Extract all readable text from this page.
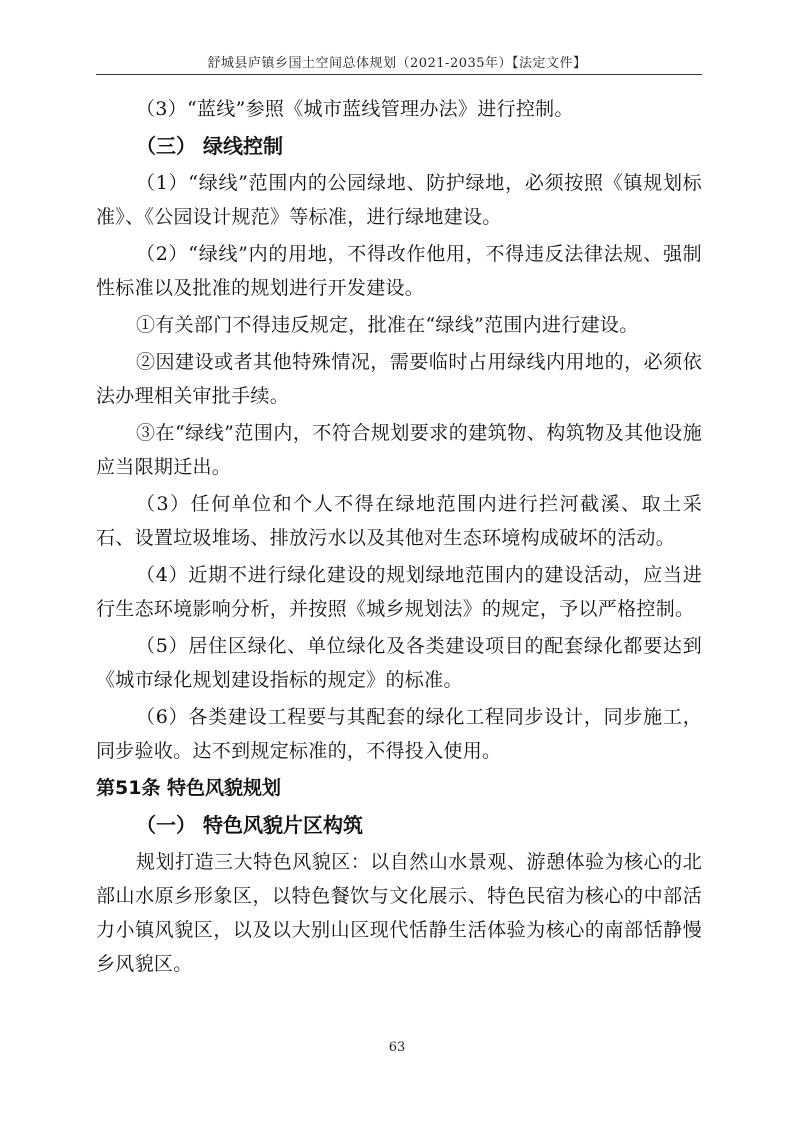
舒城县庐镇乡国土空间总体规划（2021-2035年）【法定文件】

（3）“蓝线”参照《城市蓝线管理办法》进行控制。

（三） 绿线控制

（1）“绿线”范围内的公园绿地、防护绿地，必须按照《镇规划标准》、《公园设计规范》等标准，进行绿地建设。

（2）“绿线”内的用地，不得改作他用，不得违反法律法规、强制性标准以及批准的规划进行开发建设。

①有关部门不得违反规定，批准在“绿线”范围内进行建设。

②因建设或者其他特殊情况，需要临时占用绿线内用地的，必须依法办理相关审批手续。

③在“绿线”范围内，不符合规划要求的建筑物、构筑物及其他设施应当限期迁出。

（3）任何单位和个人不得在绿地范围内进行拦河截溪、取土采石、设置垃圾堆场、排放污水以及其他对生态环境构成破坏的活动。

（4）近期不进行绿化建设的规划绿地范围内的建设活动，应当进行生态环境影响分析，并按照《城乡规划法》的规定，予以严格控制。

（5）居住区绿化、单位绿化及各类建设项目的配套绿化都要达到《城市绿化规划建设指标的规定》的标准。

（6）各类建设工程要与其配套的绿化工程同步设计，同步施工，同步验收。达不到规定标准的，不得投入使用。

第51条 特色风貌规划
（一） 特色风貌片区构筑

规划打造三大特色风貌区：以自然山水景观、游憩体验为核心的北部山水原乡形象区，以特色餐饮与文化展示、特色民宿为核心的中部活力小镇风貌区，以及以大别山区现代恬静生活体验为核心的南部恬静慢乡风貌区。

63
